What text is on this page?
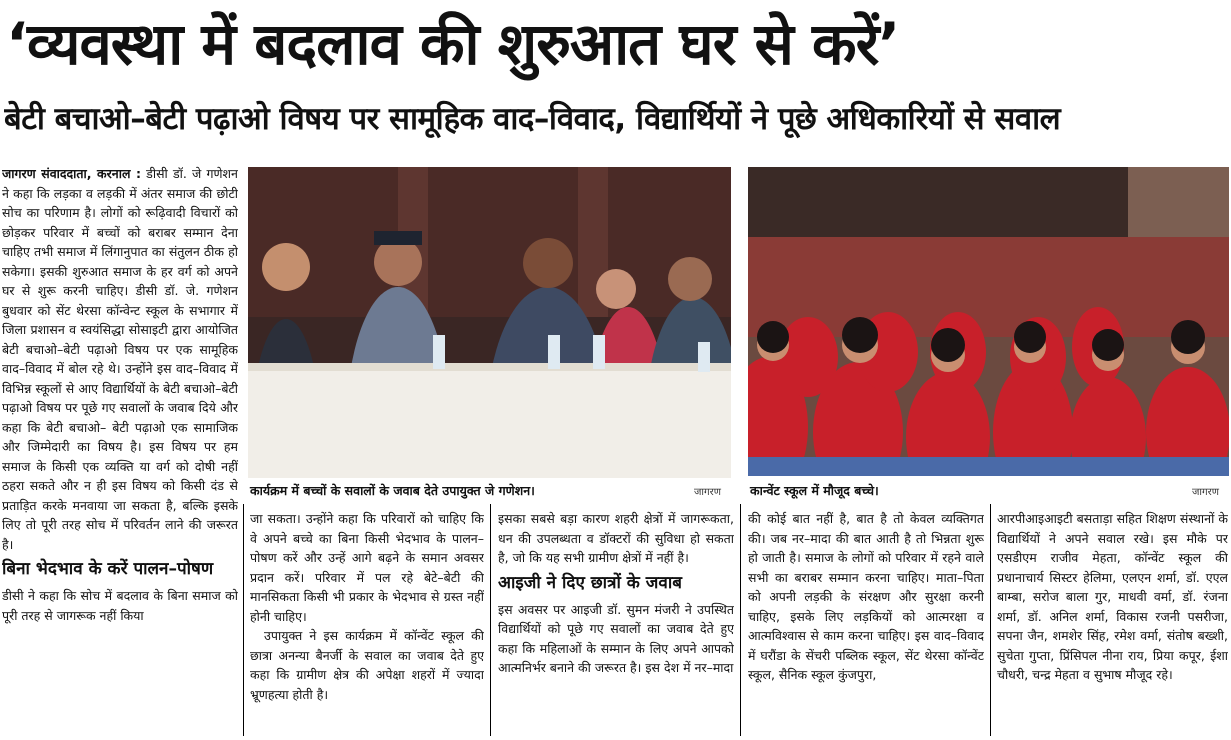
‘व्यवस्था में बदलाव की शुरुआत घर से करें’
बेटी बचाओ–बेटी पढ़ाओ विषय पर सामूहिक वाद–विवाद, विद्यार्थियों ने पूछे अधिकारियों से सवाल

जागरण संवाददाता, करनाल : डीसी डॉ. जे गणेशन ने कहा कि लड़का व लड़की में अंतर समाज की छोटी सोच का परिणाम है। लोगों को रूढ़िवादी विचारों को छोड़कर परिवार में बच्चों को बराबर सम्मान देना चाहिए तभी समाज में लिंगानुपात का संतुलन ठीक हो सकेगा। इसकी शुरुआत समाज के हर वर्ग को अपने घर से शुरू करनी चाहिए। डीसी डॉ. जे. गणेशन बुधवार को सेंट थेरसा कॉन्वेन्ट स्कूल के सभागार में जिला प्रशासन व स्वयंसिद्धा सोसाइटी द्वारा आयोजित बेटी बचाओ–बेटी पढ़ाओ विषय पर एक सामूहिक वाद–विवाद में बोल रहे थे। उन्होंने इस वाद–विवाद में विभिन्न स्कूलों से आए विद्यार्थियों के बेटी बचाओ–बेटी पढ़ाओ विषय पर पूछे गए सवालों के जवाब दिये और कहा कि बेटी बचाओ– बेटी पढ़ाओ एक सामाजिक और जिम्मेदारी का विषय है। इस विषय पर हम समाज के किसी एक व्यक्ति या वर्ग को दोषी नहीं ठहरा सकते और न ही इस विषय को किसी दंड से प्रताड़ित करके मनवाया जा सकता है, बल्कि इसके लिए तो पूरी तरह सोच में परिवर्तन लाने की जरूरत है।

बिना भेदभाव के करें पालन–पोषण

डीसी ने कहा कि सोच में बदलाव के बिना समाज को पूरी तरह से जागरूक नहीं किया

कार्यक्रम में बच्चों के सवालों के जवाब देते उपायुक्त जे गणेशन।	जागरण कान्वेंट स्कूल में मौजूद बच्चे।	जागरण

जा सकता। उन्होंने कहा कि परिवारों को चाहिए कि वे अपने बच्चे का बिना किसी भेदभाव के पालन–पोषण करें और उन्हें आगे बढ़ने के समान अवसर प्रदान करें। परिवार में पल रहे बेटे–बेटी की मानसिकता किसी भी प्रकार के भेदभाव से ग्रस्त नहीं होनी चाहिए।

उपायुक्त ने इस कार्यक्रम में कॉन्वेंट स्कूल की छात्रा अनन्या बैनर्जी के सवाल का जवाब देते हुए कहा कि ग्रामीण क्षेत्र की अपेक्षा शहरों में ज्यादा भ्रूणहत्या होती है।

इसका सबसे बड़ा कारण शहरी क्षेत्रों में जागरूकता, धन की उपलब्धता व डॉक्टरों की सुविधा हो सकता है, जो कि यह सभी ग्रामीण क्षेत्रों में नहीं है।

आइजी ने दिए छात्रों के जवाब

इस अवसर पर आइजी डॉ. सुमन मंजरी ने उपस्थित विद्यार्थियों को पूछे गए सवालों का जवाब देते हुए कहा कि महिलाओं के सम्मान के लिए अपने आपको आत्मनिर्भर बनाने की जरूरत है। इस देश में नर–मादा

की कोई बात नहीं है, बात है तो केवल व्यक्तिगत की। जब नर–मादा की बात आती है तो भिन्नता शुरू हो जाती है। समाज के लोगों को परिवार में रहने वाले सभी का बराबर सम्मान करना चाहिए। माता–पिता को अपनी लड़की के संरक्षण और सुरक्षा करनी चाहिए, इसके लिए लड़कियों को आत्मरक्षा व आत्मविश्वास से काम करना चाहिए। इस वाद–विवाद में घरौंडा के सेंचरी पब्लिक स्कूल, सेंट थेरसा कॉन्वेंट स्कूल, सैनिक स्कूल कुंजपुरा,

आरपीआइआइटी बसताड़ा सहित शिक्षण संस्थानों के विद्यार्थियों ने अपने सवाल रखे। इस मौके पर एसडीएम राजीव मेहता, कॉन्वेंट स्कूल की प्रधानाचार्य सिस्टर हेलिमा, एलएन शर्मा, डॉ. एएल बाम्बा, सरोज बाला गुर, माधवी वर्मा, डॉ. रंजना शर्मा, डॉ. अनिल शर्मा, विकास रजनी पसरीजा, सपना जैन, शमशेर सिंह, रमेश वर्मा, संतोष बख्शी, सुचेता गुप्ता, प्रिंसिपल नीना राय, प्रिया कपूर, ईशा चौधरी, चन्द्र मेहता व सुभाष मौजूद रहे।
